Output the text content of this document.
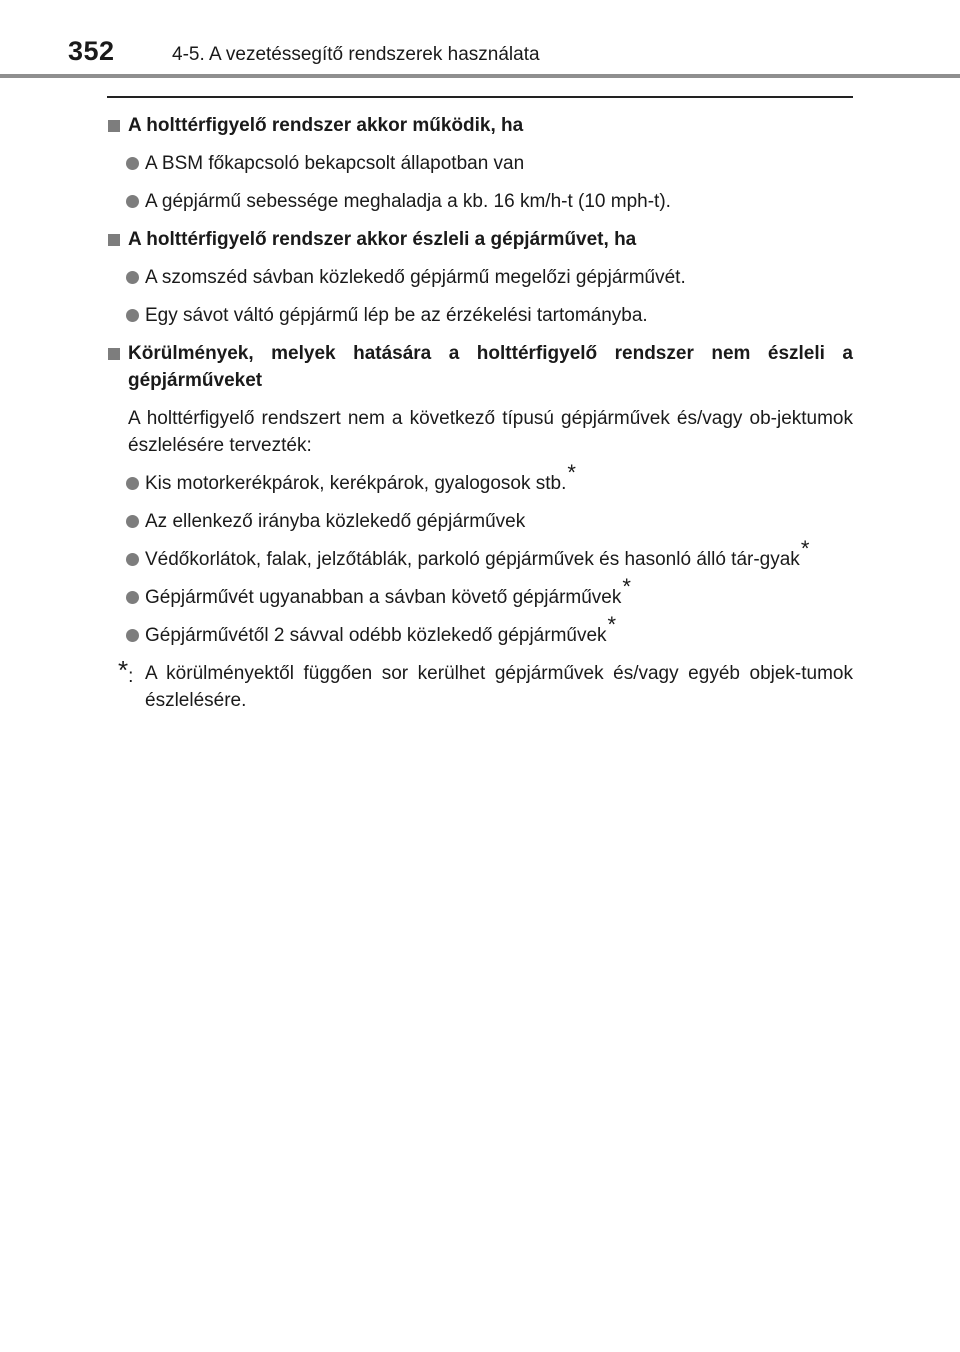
352	4-5. A vezetéssegítő rendszerek használata

A holttérfigyelő rendszer akkor működik, ha

A BSM főkapcsoló bekapcsolt állapotban van

A gépjármű sebessége meghaladja a kb. 16 km/h-t (10 mph-t).

A holttérfigyelő rendszer akkor észleli a gépjárművet, ha

A szomszéd sávban közlekedő gépjármű megelőzi gépjárművét.

Egy sávot váltó gépjármű lép be az érzékelési tartományba.

Körülmények, melyek hatására a holttérfigyelő rendszer nem észleli a gépjárműveket

A holttérfigyelő rendszert nem a következő típusú gépjárművek és/vagy ob-jektumok észlelésére tervezték:

Kis motorkerékpárok, kerékpárok, gyalogosok stb.*

Az ellenkező irányba közlekedő gépjárművek

Védőkorlátok, falak, jelzőtáblák, parkoló gépjárművek és hasonló álló tár-gyak*

Gépjárművét ugyanabban a sávban követő gépjárművek*

Gépjárművétől 2 sávval odébb közlekedő gépjárművek*

*: A körülményektől függően sor kerülhet gépjárművek és/vagy egyéb objek-tumok észlelésére.
